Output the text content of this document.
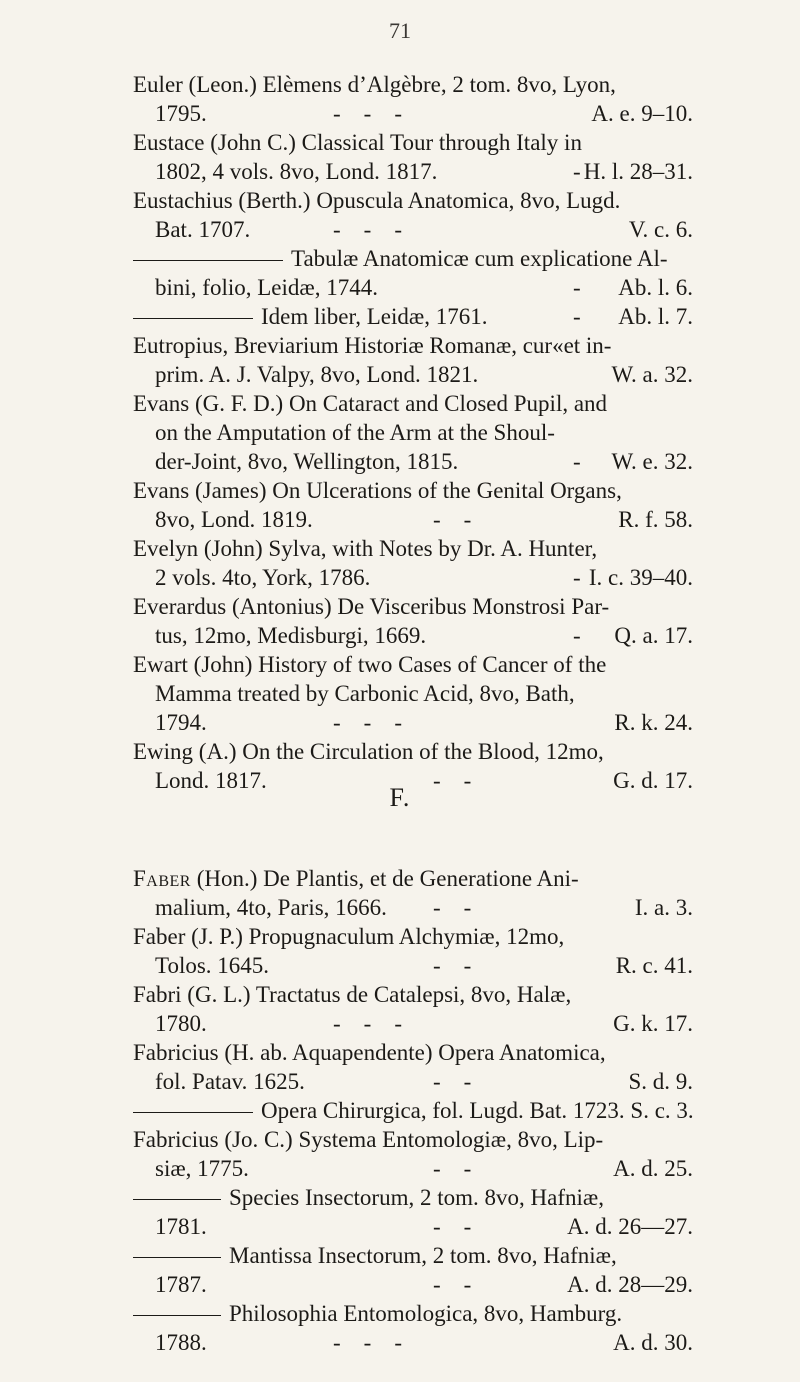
71
Euler (Leon.) Elèmens d’Algèbre, 2 tom. 8vo, Lyon,
1795.	-    -    -	A. e. 9–10.
Eustace (John C.) Classical Tour through Italy in
1802, 4 vols. 8vo, Lond. 1817.	- H. l. 28–31.
Eustachius (Berth.) Opuscula Anatomica, 8vo, Lugd.
Bat. 1707.	-    -    -	V. c. 6.
Tabulæ Anatomicæ cum explicatione Al-
bini, folio, Leidæ, 1744.	- Ab. l. 6.
Idem liber, Leidæ, 1761.	- Ab. l. 7.
Eutropius, Breviarium Historiæ Romanæ, cur«et in-
prim. A. J. Valpy, 8vo, Lond. 1821.	W. a. 32.
Evans (G. F. D.) On Cataract and Closed Pupil, and
on the Amputation of the Arm at the Shoul-
der-Joint, 8vo, Wellington, 1815.	- W. e. 32.
Evans (James) On Ulcerations of the Genital Organs,
8vo, Lond. 1819.	-    -	R. f. 58.
Evelyn (John) Sylva, with Notes by Dr. A. Hunter,
2 vols. 4to, York, 1786.	- I. c. 39–40.
Everardus (Antonius) De Visceribus Monstrosi Par-
tus, 12mo, Medisburgi, 1669.	- Q. a. 17.
Ewart (John) History of two Cases of Cancer of the
Mamma treated by Carbonic Acid, 8vo, Bath,
1794.	-    -    -	R. k. 24.
Ewing (A.) On the Circulation of the Blood, 12mo,
Lond. 1817.	-    -	G. d. 17.
F.
Faber (Hon.) De Plantis, et de Generatione Ani-
malium, 4to, Paris, 1666. -    -	I. a. 3.
Faber (J. P.) Propugnaculum Alchymiæ, 12mo,
Tolos. 1645.	-    -	R. c. 41.
Fabri (G. L.) Tractatus de Catalepsi, 8vo, Halæ,
1780.	-    -    -	G. k. 17.
Fabricius (H. ab. Aquapendente) Opera Anatomica,
fol. Patav. 1625.	-    -	S. d. 9.
Opera Chirurgica, fol. Lugd. Bat. 1723. S. c. 3.
Fabricius (Jo. C.) Systema Entomologiæ, 8vo, Lip-
siæ, 1775.	-    -	A. d. 25.
Species Insectorum, 2 tom. 8vo, Hafniæ,
1781.	-    -	A. d. 26—27.
Mantissa Insectorum, 2 tom. 8vo, Hafniæ,
1787.	-    -	A. d. 28—29.
Philosophia Entomologica, 8vo, Hamburg.
1788.	-    -    -	A. d. 30.
